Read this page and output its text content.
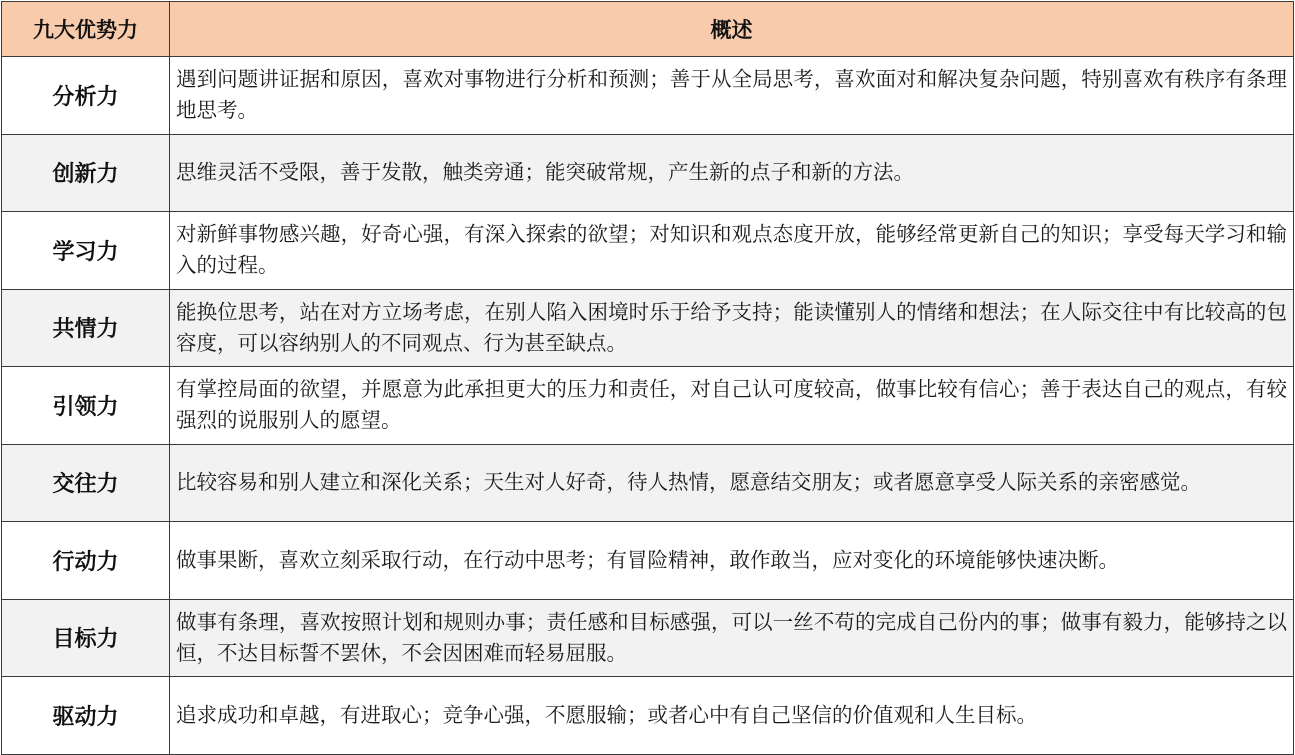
九大优势力	概述
分析力	遇到问题讲证据和原因，喜欢对事物进行分析和预测；善于从全局思考，喜欢面对和解决复杂问题，特别喜欢有秩序有条理地思考。
创新力	思维灵活不受限，善于发散，触类旁通；能突破常规，产生新的点子和新的方法。
学习力	对新鲜事物感兴趣，好奇心强，有深入探索的欲望；对知识和观点态度开放，能够经常更新自己的知识；享受每天学习和输入的过程。
共情力	能换位思考，站在对方立场考虑，在别人陷入困境时乐于给予支持；能读懂别人的情绪和想法；在人际交往中有比较高的包容度，可以容纳别人的不同观点、行为甚至缺点。
引领力	有掌控局面的欲望，并愿意为此承担更大的压力和责任，对自己认可度较高，做事比较有信心；善于表达自己的观点，有较强烈的说服别人的愿望。
交往力	比较容易和别人建立和深化关系；天生对人好奇，待人热情，愿意结交朋友；或者愿意享受人际关系的亲密感觉。
行动力	做事果断，喜欢立刻采取行动，在行动中思考；有冒险精神，敢作敢当，应对变化的环境能够快速决断。
目标力	做事有条理，喜欢按照计划和规则办事；责任感和目标感强，可以一丝不苟的完成自己份内的事；做事有毅力，能够持之以恒，不达目标誓不罢休，不会因困难而轻易屈服。
驱动力	追求成功和卓越，有进取心；竞争心强，不愿服输；或者心中有自己坚信的价值观和人生目标。
